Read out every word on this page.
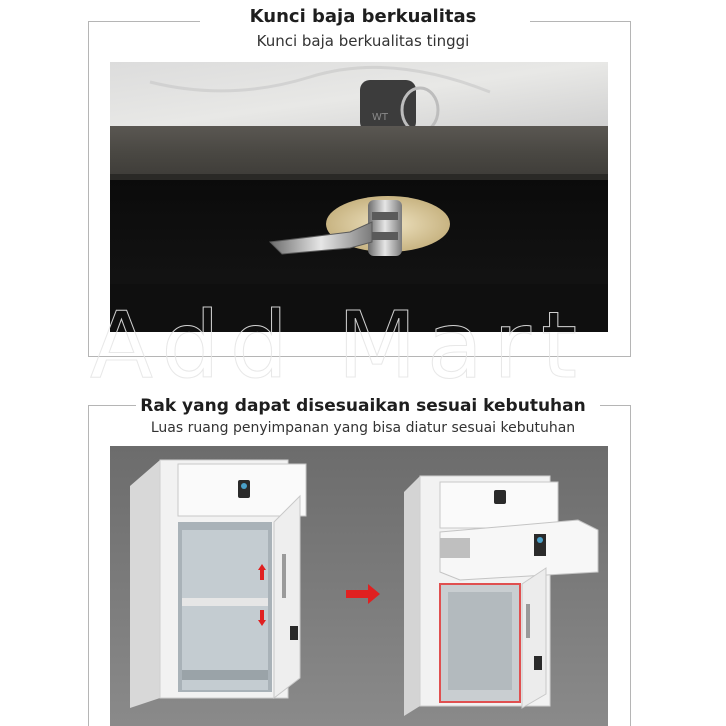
Kunci baja berkualitas
Kunci baja berkualitas tinggi
WT
Add Mart
Rak yang dapat disesuaikan sesuai kebutuhan
Luas ruang penyimpanan yang bisa diatur sesuai kebutuhan
